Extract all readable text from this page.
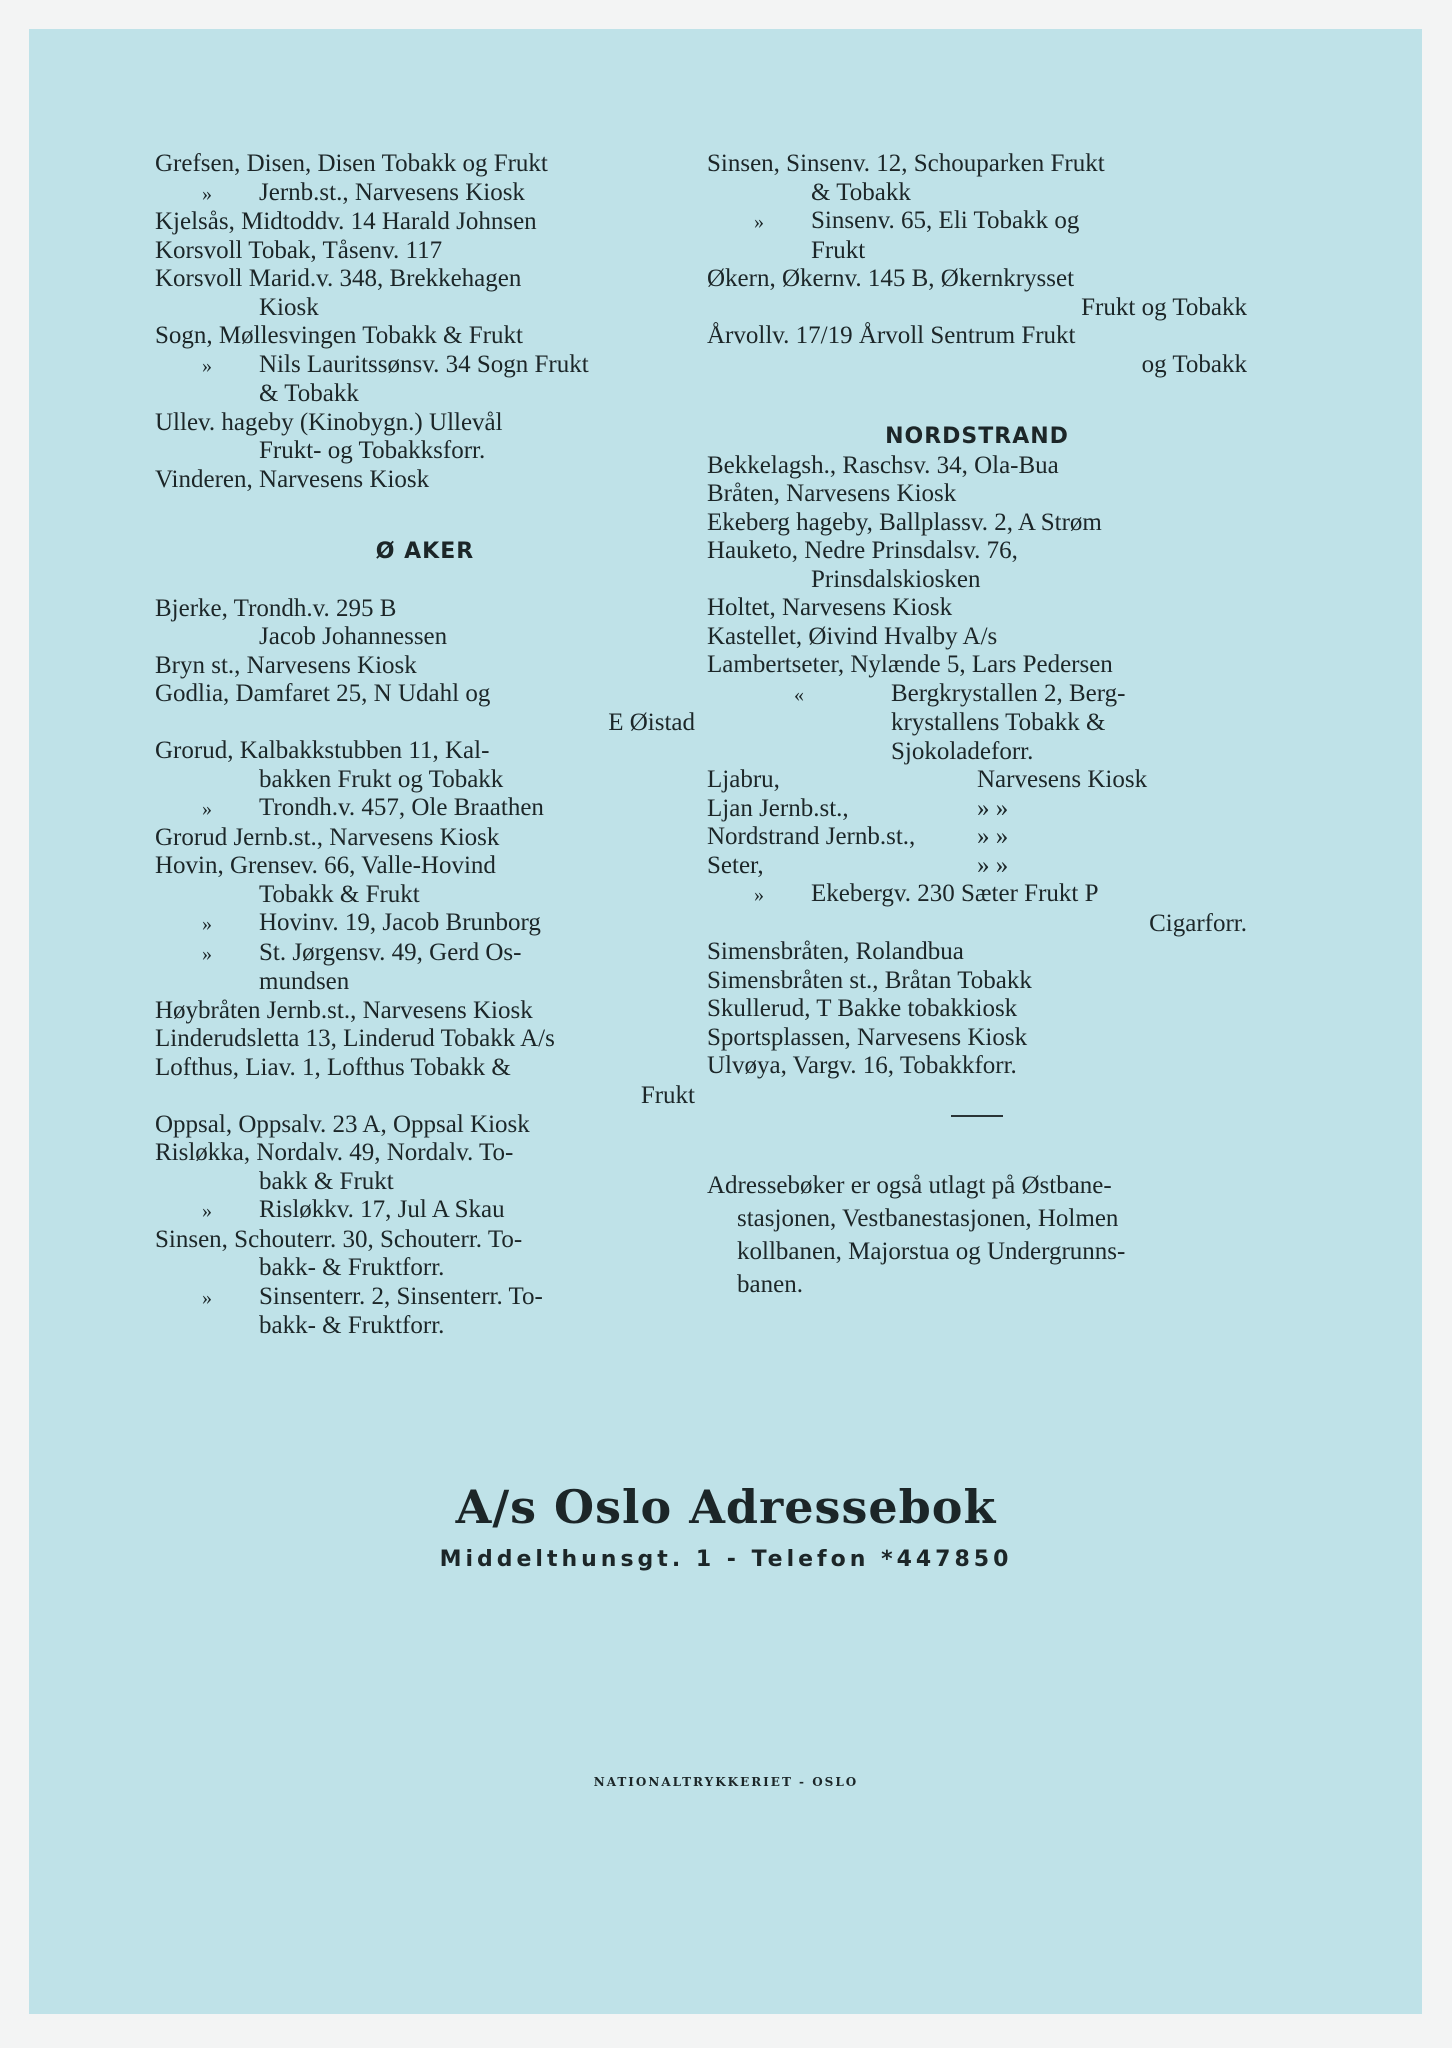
Grefsen, Disen, Disen Tobakk og Frukt
» Jernb.st., Narvesens Kiosk
Kjelsås, Midtoddv. 14 Harald Johnsen
Korsvoll Tobak, Tåsenv. 117
Korsvoll Marid.v. 348, Brekkehagen
Kiosk
Sogn, Møllesvingen Tobakk & Frukt
» Nils Lauritssønsv. 34 Sogn Frukt
& Tobakk
Ullev. hageby (Kinobygn.) Ullevål
Frukt- og Tobakksforr.
Vinderen, Narvesens Kiosk
Ø AKER
Bjerke, Trondh.v. 295 B
Jacob Johannessen
Bryn st., Narvesens Kiosk
Godlia, Damfaret 25, N Udahl og
E Øistad
Grorud, Kalbakkstubben 11, Kal-
bakken Frukt og Tobakk
» Trondh.v. 457, Ole Braathen
Grorud Jernb.st., Narvesens Kiosk
Hovin, Grensev. 66, Valle-Hovind
Tobakk & Frukt
» Hovinv. 19, Jacob Brunborg
» St. Jørgensv. 49, Gerd Os-
mundsen
Høybråten Jernb.st., Narvesens Kiosk
Linderudsletta 13, Linderud Tobakk A/s
Lofthus, Liav. 1, Lofthus Tobakk &
Frukt
Oppsal, Oppsalv. 23 A, Oppsal Kiosk
Risløkka, Nordalv. 49, Nordalv. To-
bakk & Frukt
» Risløkkv. 17, Jul A Skau
Sinsen, Schouterr. 30, Schouterr. To-
bakk- & Fruktforr.
» Sinsenterr. 2, Sinsenterr. To-
bakk- & Fruktforr.
Sinsen, Sinsenv. 12, Schouparken Frukt
& Tobakk
» Sinsenv. 65, Eli Tobakk og
Frukt
Økern, Økernv. 145 B, Økernkrysset
Frukt og Tobakk
Årvollv. 17/19 Årvoll Sentrum Frukt
og Tobakk
NORDSTRAND
Bekkelagsh., Raschsv. 34, Ola-Bua
Bråten, Narvesens Kiosk
Ekeberg hageby, Ballplassv. 2, A Strøm
Hauketo, Nedre Prinsdalsv. 76,
Prinsdalskiosken
Holtet, Narvesens Kiosk
Kastellet, Øivind Hvalby A/s
Lambertseter, Nylænde 5, Lars Pedersen
«	Bergkrystallen 2, Berg-
krystallens Tobakk &
Sjokoladeforr.
Ljabru,	Narvesens Kiosk
Ljan Jernb.st.,	» »
Nordstrand Jernb.st., » »
Seter,	» »
» Ekebergv. 230 Sæter Frukt P
Cigarforr.
Simensbråten, Rolandbua
Simensbråten st., Bråtan Tobakk
Skullerud, T Bakke tobakkiosk
Sportsplassen, Narvesens Kiosk
Ulvøya, Vargv. 16, Tobakkforr.
Adressebøker er også utlagt på Østbane-
stasjonen, Vestbanestasjonen, Holmen
kollbanen, Majorstua og Undergrunns-
banen.
A/s Oslo Adressebok
Middelthunsgt. 1 - Telefon *447850
NATIONALTRYKKERIET - OSLO
